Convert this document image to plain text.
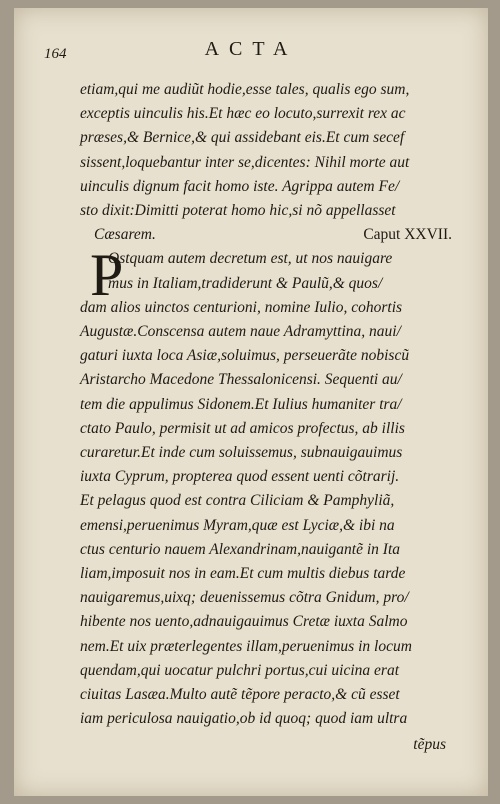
164	ACTA
etiam,qui me audiũt hodie,esse tales, qualis ego sum,
exceptis uinculis his.Et hæc eo locuto,surrexit rex ac
præses,& Bernice,& qui assidebant eis.Et cum secef
sissent,loquebantur inter se,dicentes: Nihil morte aut
uinculis dignum facit homo iste. Agrippa autem Fe/
sto dixit:Dimitti poterat homo hic,si nõ appellasset
Cæsarem.	Caput XXVII.
P
Ostquam autem decretum est, ut nos nauigare
mus in Italiam,tradiderunt & Paulũ,& quos/
dam alios uinctos centurioni, nomine Iulio, cohortis
Augustæ.Conscensa autem naue Adramyttina, naui/
gaturi iuxta loca Asiæ,soluimus, perseuerãte nobiscũ
Aristarcho Macedone Thessalonicensi. Sequenti au/
tem die appulimus Sidonem.Et Iulius humaniter tra/
ctato Paulo, permisit ut ad amicos profectus, ab illis
curaretur.Et inde cum soluissemus, subnauigauimus
iuxta Cyprum, propterea quod essent uenti cõtrarij.
Et pelagus quod est contra Ciliciam & Pamphyliã,
emensi,peruenimus Myram,quæ est Lyciæ,& ibi na
ctus centurio nauem Alexandrinam,nauigantẽ in Ita
liam,imposuit nos in eam.Et cum multis diebus tarde
nauigaremus,uixq; deuenissemus cõtra Gnidum, pro/
hibente nos uento,adnauigauimus Cretæ iuxta Salmo
nem.Et uix præterlegentes illam,peruenimus in locum
quendam,qui uocatur pulchri portus,cui uicina erat
ciuitas Lasæa.Multo autẽ tẽpore peracto,& cũ esset
iam periculosa nauigatio,ob id quoq; quod iam ultra
tẽpus
